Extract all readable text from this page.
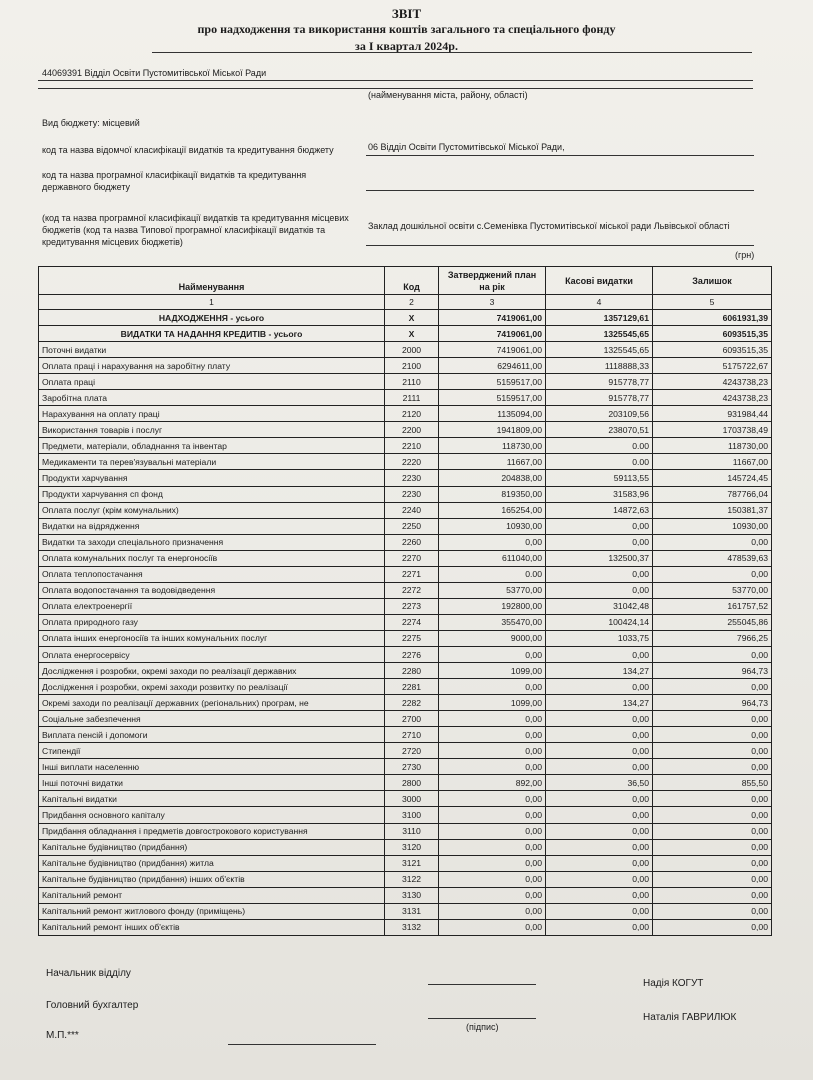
ЗВІТ
про надходження та використання коштів загального та спеціального фонду
за І квартал 2024р.
44069391 Відділ Освіти Пустомитівської Міської Ради
(найменування міста, району, області)
Вид бюджету: місцевий
код та назва відомчої класифікації видатків та кредитування бюджету	06 Відділ Освіти Пустомитівської Міської Ради,
код та назва програмної класифікації видатків та кредитування державного бюджету
(код та назва програмної класифікації видатків та кредитування місцевих бюджетів (код та назва Типової програмної класифікації видатків та кредитування місцевих бюджетів)
Заклад дошкільної освіти с.Семенівка Пустомитівської міської ради Львівської області
(грн)
Найменування	Код	Затверджений план на рік	Касові видатки	Залишок
1	2	3	4	5
НАДХОДЖЕННЯ - усього	Х	7419061,00	1357129,61	6061931,39
ВИДАТКИ ТА НАДАННЯ КРЕДИТІВ - усього	Х	7419061,00	1325545,65	6093515,35
Поточні видатки	2000	7419061,00	1325545,65	6093515,35
Оплата праці і нарахування на заробітну плату	2100	6294611,00	1118888,33	5175722,67
Оплата праці	2110	5159517,00	915778,77	4243738,23
Заробітна плата	2111	5159517,00	915778,77	4243738,23
Нарахування на оплату праці	2120	1135094,00	203109,56	931984,44
Використання товарів і послуг	2200	1941809,00	238070,51	1703738,49
Предмети, матеріали, обладнання та інвентар	2210	118730,00	0.00	118730,00
Медикаменти та перев'язувальні матеріали	2220	11667,00	0.00	11667,00
Продукти харчування	2230	204838,00	59113,55	145724,45
Продукти харчування сп фонд	2230	819350,00	31583,96	787766,04
Оплата послуг (крім комунальних)	2240	165254,00	14872,63	150381,37
Видатки на відрядження	2250	10930,00	0,00	10930,00
Видатки та заходи спеціального призначення	2260	0,00	0,00	0,00
Оплата комунальних послуг та енергоносіїв	2270	611040,00	132500,37	478539,63
Оплата теплопостачання	2271	0.00	0,00	0,00
Оплата водопостачання та водовідведення	2272	53770,00	0,00	53770,00
Оплата електроенергії	2273	192800,00	31042,48	161757,52
Оплата природного газу	2274	355470,00	100424,14	255045,86
Оплата інших енергоносіїв та інших комунальних послуг	2275	9000,00	1033,75	7966,25
Оплата енергосервісу	2276	0,00	0,00	0,00
Дослідження і розробки, окремі заходи по реалізації державних	2280	1099,00	134,27	964,73
Дослідження і розробки, окремі заходи розвитку по реалізації	2281	0,00	0,00	0,00
Окремі заходи по реалізації державних (регіональних) програм, не	2282	1099,00	134,27	964,73
Соціальне забезпечення	2700	0,00	0,00	0,00
Виплата пенсій і допомоги	2710	0,00	0,00	0,00
Стипендії	2720	0,00	0,00	0,00
Інші виплати населенню	2730	0,00	0,00	0,00
Інші поточні видатки	2800	892,00	36,50	855,50
Капітальні видатки	3000	0,00	0,00	0,00
Придбання основного капіталу	3100	0,00	0,00	0,00
Придбання обладнання і предметів довгострокового користування	3110	0,00	0,00	0,00
Капітальне будівництво (придбання)	3120	0,00	0,00	0,00
Капітальне будівництво (придбання) житла	3121	0,00	0,00	0,00
Капітальне будівництво (придбання) інших об'єктів	3122	0,00	0,00	0,00
Капітальний ремонт	3130	0,00	0,00	0,00
Капітальний ремонт житлового фонду (приміщень)	3131	0,00	0,00	0,00
Капітальний ремонт інших об'єктів	3132	0,00	0,00	0,00
Начальник відділу
Надія КОГУТ
Головний бухгалтер
(підпис)
Наталія ГАВРИЛЮК
М.П.***
